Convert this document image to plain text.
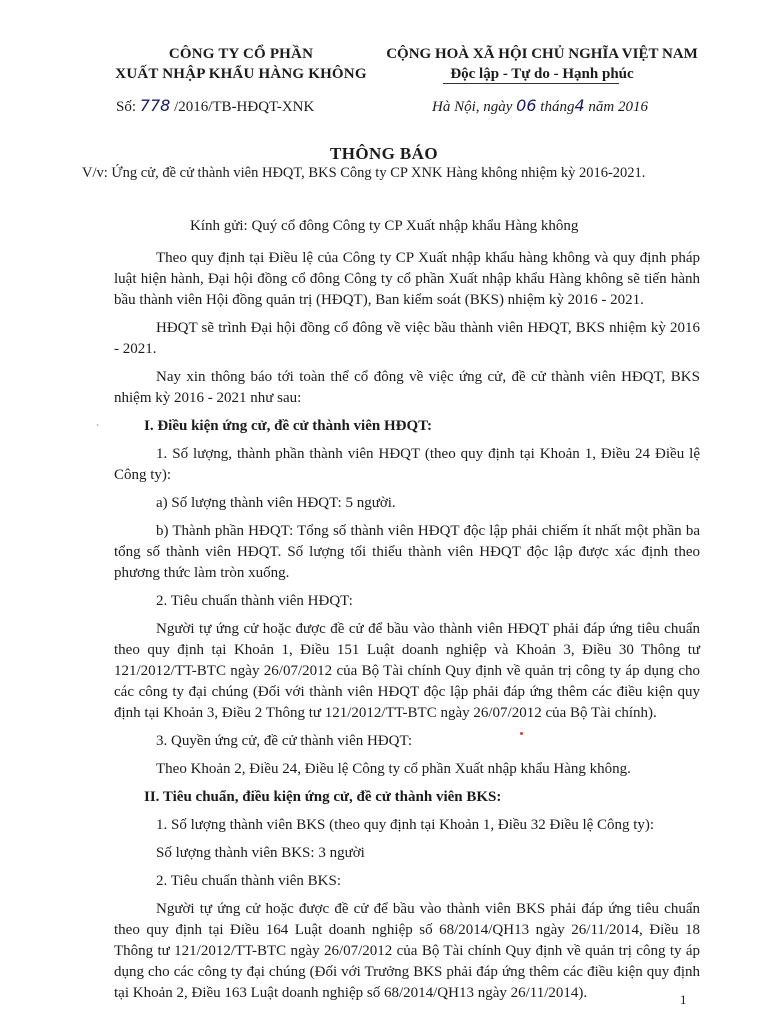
CÔNG TY CỔ PHẦN
XUẤT NHẬP KHẨU HÀNG KHÔNG
CỘNG HOÀ XÃ HỘI CHỦ NGHĨA VIỆT NAM
Độc lập - Tự do - Hạnh phúc
Số: 778 /2016/TB-HĐQT-XNK	Hà Nội, ngày 06 tháng4 năm 2016
THÔNG BÁO
V/v: Ứng cử, đề cử thành viên HĐQT, BKS Công ty CP XNK Hàng không nhiệm kỳ 2016-2021.
Kính gửi: Quý cổ đông Công ty CP Xuất nhập khẩu Hàng không

Theo quy định tại Điều lệ của Công ty CP Xuất nhập khẩu hàng không và quy định pháp luật hiện hành, Đại hội đồng cổ đông Công ty cổ phần Xuất nhập khẩu Hàng không sẽ tiến hành bầu thành viên Hội đồng quản trị (HĐQT), Ban kiểm soát (BKS) nhiệm kỳ 2016 - 2021.

HĐQT sẽ trình Đại hội đồng cổ đông về việc bầu thành viên HĐQT, BKS nhiệm kỳ 2016 - 2021.

Nay xin thông báo tới toàn thể cổ đông về việc ứng cử, đề cử thành viên HĐQT, BKS nhiệm kỳ 2016 - 2021 như sau:

I. Điều kiện ứng cử, đề cử thành viên HĐQT:

1. Số lượng, thành phần thành viên HĐQT (theo quy định tại Khoản 1, Điều 24 Điều lệ Công ty):

a) Số lượng thành viên HĐQT: 5 người.

b) Thành phần HĐQT: Tổng số thành viên HĐQT độc lập phải chiếm ít nhất một phần ba tổng số thành viên HĐQT. Số lượng tối thiểu thành viên HĐQT độc lập được xác định theo phương thức làm tròn xuống.

2. Tiêu chuẩn thành viên HĐQT:

Người tự ứng cử hoặc được đề cử để bầu vào thành viên HĐQT phải đáp ứng tiêu chuẩn theo quy định tại Khoản 1, Điều 151 Luật doanh nghiệp và Khoản 3, Điều 30 Thông tư 121/2012/TT-BTC ngày 26/07/2012 của Bộ Tài chính Quy định về quản trị công ty áp dụng cho các công ty đại chúng (Đối với thành viên HĐQT độc lập phải đáp ứng thêm các điều kiện quy định tại Khoản 3, Điều 2 Thông tư 121/2012/TT-BTC ngày 26/07/2012 của Bộ Tài chính).

3. Quyền ứng cử, đề cử thành viên HĐQT:

Theo Khoản 2, Điều 24, Điều lệ Công ty cổ phần Xuất nhập khẩu Hàng không.

II. Tiêu chuẩn, điều kiện ứng cử, đề cử thành viên BKS:

1. Số lượng thành viên BKS (theo quy định tại Khoản 1, Điều 32 Điều lệ Công ty):

Số lượng thành viên BKS: 3 người

2. Tiêu chuẩn thành viên BKS:

Người tự ứng cử hoặc được đề cử để bầu vào thành viên BKS phải đáp ứng tiêu chuẩn theo quy định tại Điều 164 Luật doanh nghiệp số 68/2014/QH13 ngày 26/11/2014, Điều 18 Thông tư 121/2012/TT-BTC ngày 26/07/2012 của Bộ Tài chính Quy định về quản trị công ty áp dụng cho các công ty đại chúng (Đối với Trưởng BKS phải đáp ứng thêm các điều kiện quy định tại Khoản 2, Điều 163 Luật doanh nghiệp số 68/2014/QH13 ngày 26/11/2014).

`
1
